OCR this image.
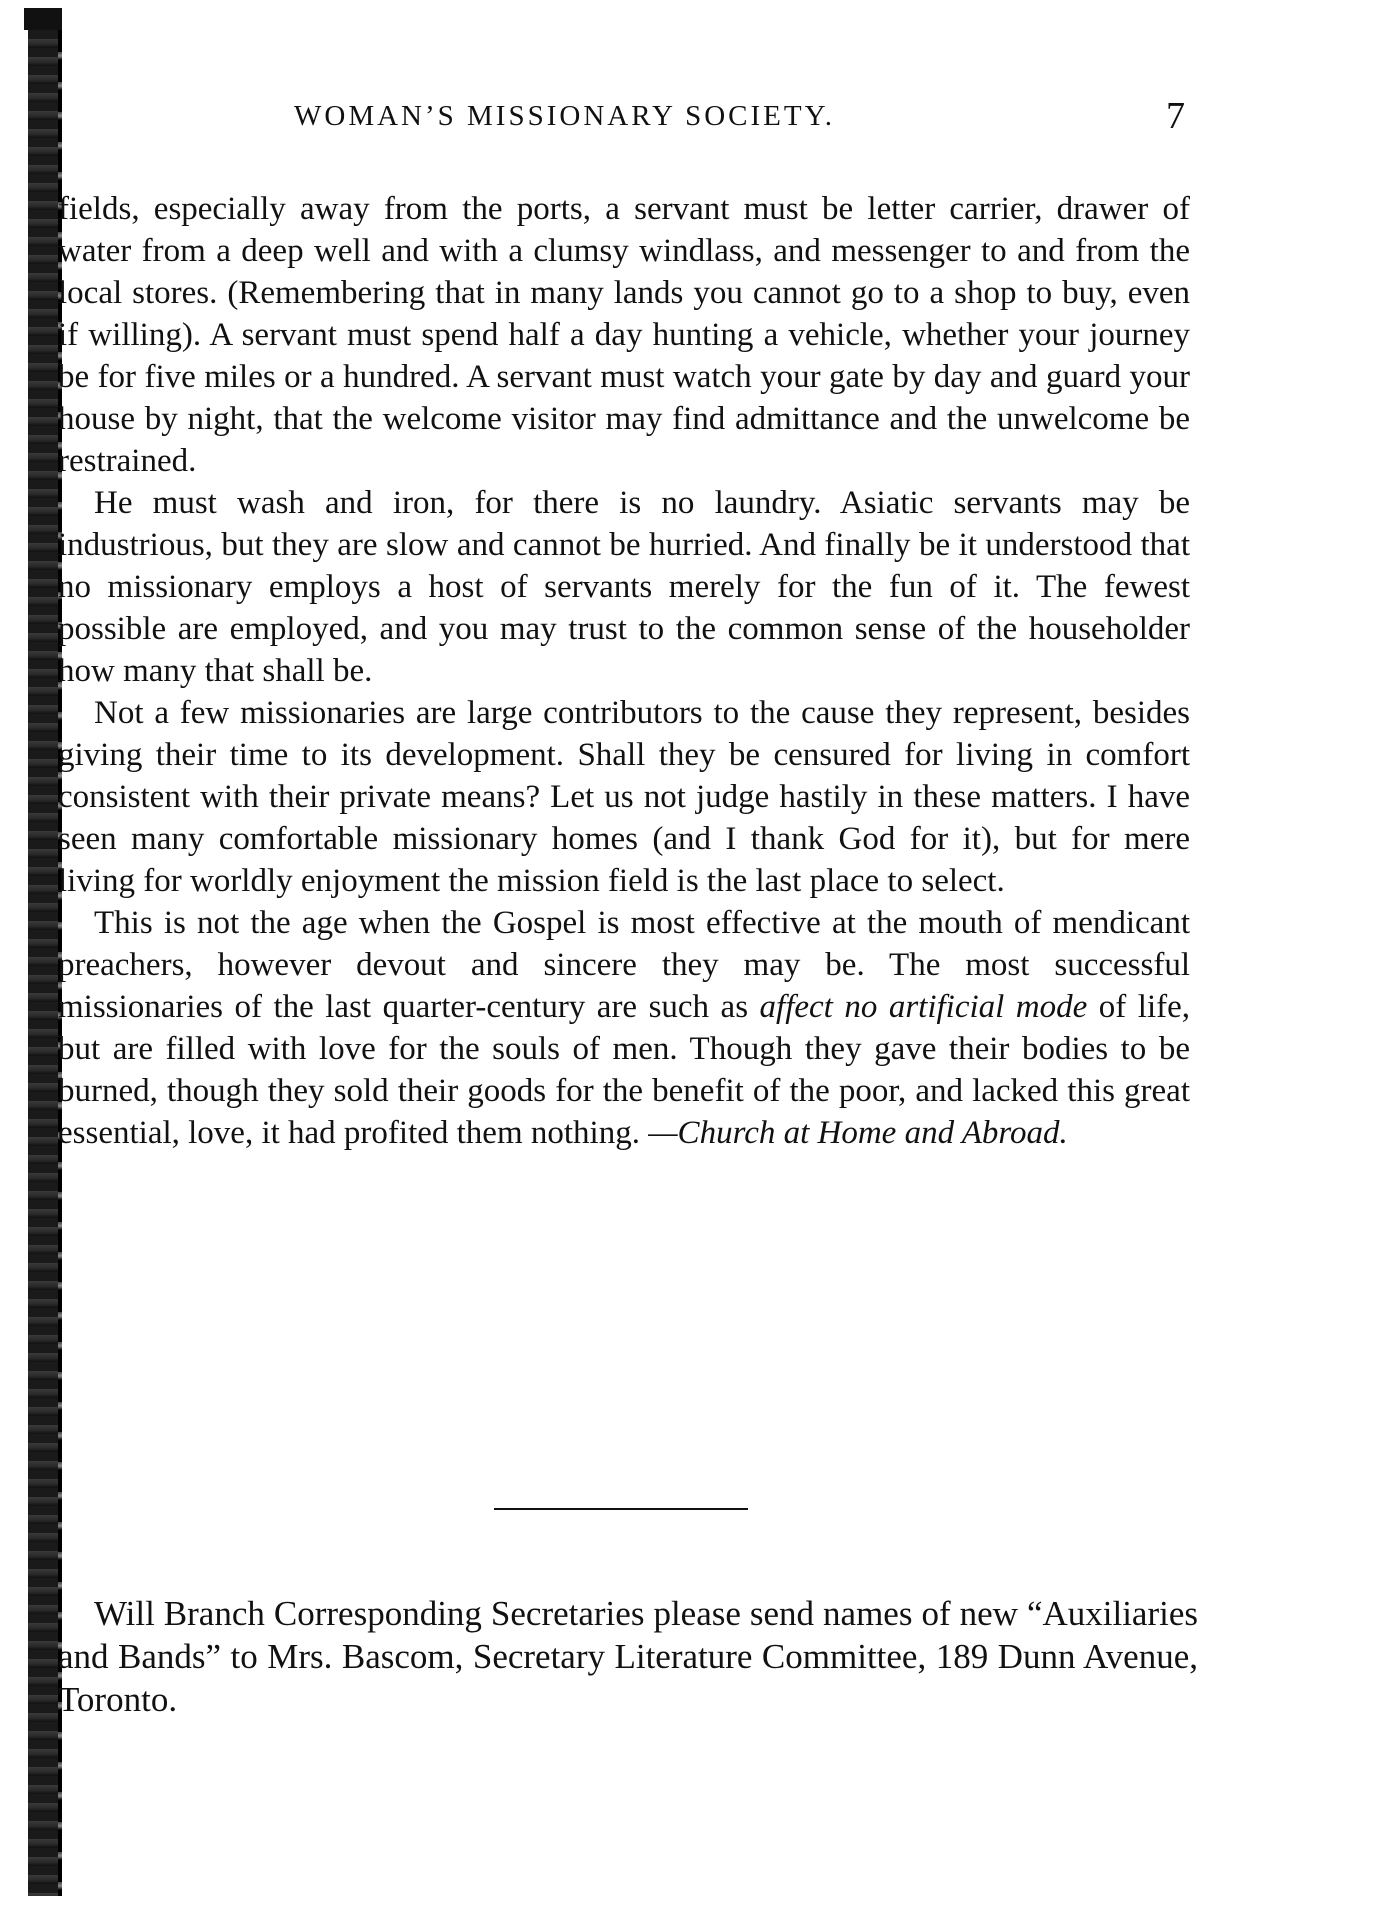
WOMAN’S MISSIONARY SOCIETY.	7

fields, especially away from the ports, a servant must be letter carrier, drawer of water from a deep well and with a clumsy windlass, and messenger to and from the local stores. (Remembering that in many lands you cannot go to a shop to buy, even if willing). A servant must spend half a day hunting a vehicle, whether your journey be for five miles or a hundred. A servant must watch your gate by day and guard your house by night, that the welcome visitor may find admittance and the unwelcome be restrained.

He must wash and iron, for there is no laundry. Asiatic servants may be industrious, but they are slow and cannot be hurried. And finally be it understood that no missionary employs a host of servants merely for the fun of it. The fewest possible are employed, and you may trust to the common sense of the householder how many that shall be.

Not a few missionaries are large contributors to the cause they represent, besides giving their time to its development. Shall they be censured for living in comfort consistent with their private means? Let us not judge hastily in these matters. I have seen many comfortable missionary homes (and I thank God for it), but for mere living for worldly enjoyment the mission field is the last place to select.

This is not the age when the Gospel is most effective at the mouth of mendicant preachers, however devout and sincere they may be. The most successful missionaries of the last quarter-century are such as affect no artificial mode of life, but are filled with love for the souls of men. Though they gave their bodies to be burned, though they sold their goods for the benefit of the poor, and lacked this great essential, love, it had profited them nothing. —Church at Home and Abroad.

Will Branch Corresponding Secretaries please send names of new “Auxiliaries and Bands” to Mrs. Bascom, Secretary Literature Committee, 189 Dunn Avenue, Toronto.
